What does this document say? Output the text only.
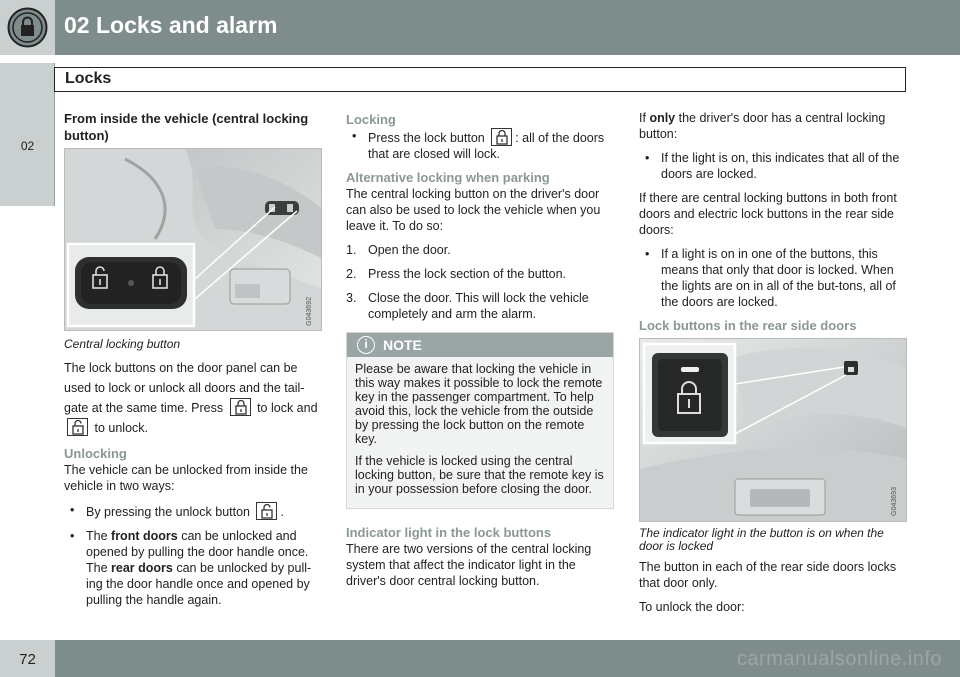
02 Locks and alarm
02
Locks
From inside the vehicle (central locking button)
G043692
Central locking button

The lock buttons on the door panel can be used to lock or unlock all doors and the tail-gate at the same time. Press	to lock and
to unlock.

Unlocking

The vehicle can be unlocked from inside the vehicle in two ways:

• By pressing the unlock button .
• The front doors can be unlocked and opened by pulling the door handle once. The rear doors can be unlocked by pull-ing the door handle once and opened by pulling the handle again.
Locking
• Press the lock button : all of the doors that are closed will lock.
Alternative locking when parking

The central locking button on the driver's door can also be used to lock the vehicle when you leave it. To do so:

1. Open the door.
2. Press the lock section of the button.
3. Close the door. This will lock the vehicle completely and arm the alarm.
i	NOTE

Please be aware that locking the vehicle in this way makes it possible to lock the remote key in the passenger compartment. To help avoid this, lock the vehicle from the outside by pressing the lock button on the remote key.

If the vehicle is locked using the central locking button, be sure that the remote key is in your possession before closing the door.

Indicator light in the lock buttons

There are two versions of the central locking system that affect the indicator light in the driver's door central locking button.

If only the driver's door has a central locking button:

• If the light is on, this indicates that all of the doors are locked.

If there are central locking buttons in both front doors and electric lock buttons in the rear side doors:

• If a light is on in one of the buttons, this means that only that door is locked. When the lights are on in all of the but-tons, all of the doors are locked.
Lock buttons in the rear side doors
G043693
The indicator light in the button is on when the door is locked

The button in each of the rear side doors locks that door only.

To unlock the door:

72	carmanualsonline.info
